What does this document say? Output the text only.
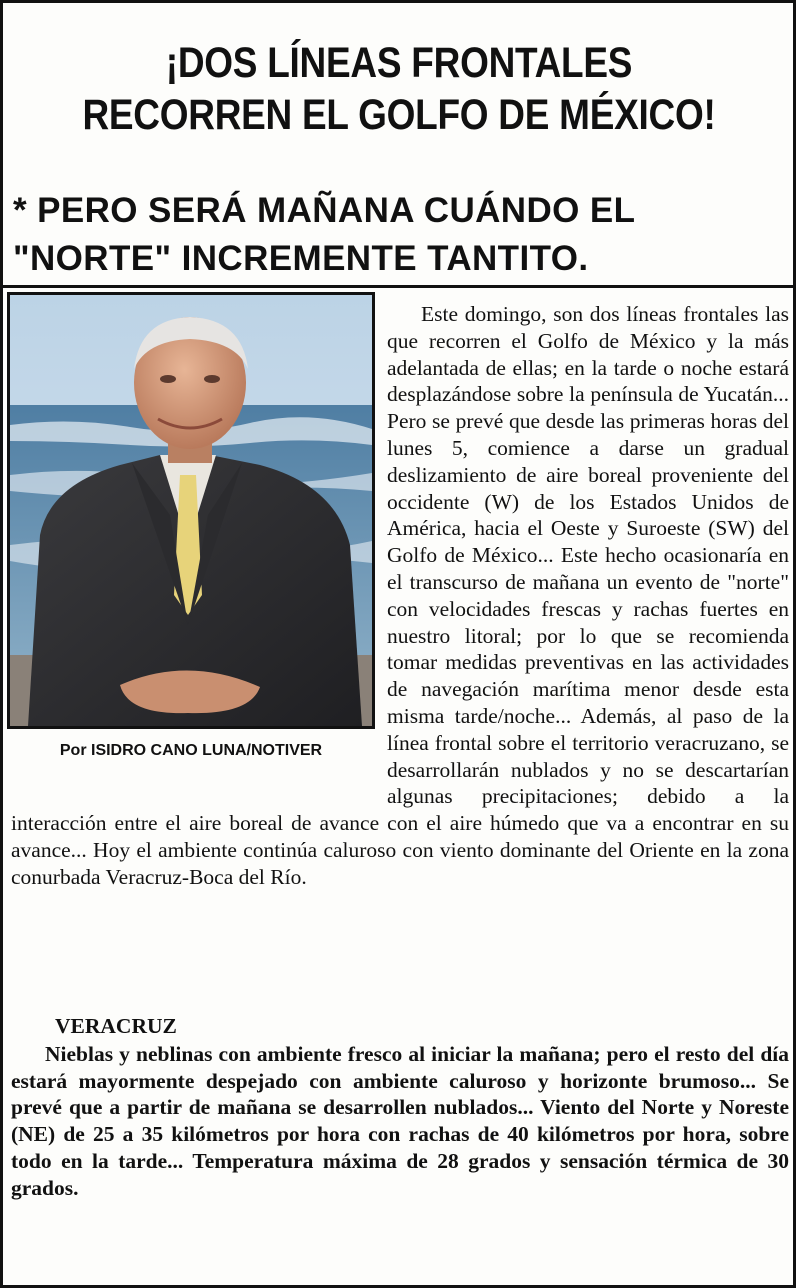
¡DOS LÍNEAS FRONTALES RECORREN EL GOLFO DE MÉXICO!
* PERO SERÁ MAÑANA CUÁNDO EL "NORTE" INCREMENTE TANTITO.

Este domingo, son dos líneas frontales las que recorren el Golfo de México y la más adelantada de ellas; en la tarde o noche estará desplazándose sobre la península de Yucatán... Pero se prevé que desde las primeras horas del lunes 5, comience a darse un gradual deslizamiento de aire boreal proveniente del occidente (W) de los Estados Unidos de América, hacia el Oeste y Suroeste (SW) del Golfo de México... Este hecho ocasionaría en el transcurso de mañana un evento de "norte" con velocidades frescas y rachas fuertes en nuestro litoral; por lo que se recomienda tomar medidas preventivas en las actividades de navegación marítima menor desde esta misma tarde/noche... Además, al paso de la línea frontal sobre el territorio veracruzano, se desarrollarán nublados y no se descartarían algunas precipitaciones; debido a la interacción entre el aire boreal de avance con el aire húmedo que va a encontrar en su avance... Hoy el ambiente continúa caluroso con viento dominante del Oriente en la zona conurbada Veracruz-Boca del Río.

Por ISIDRO CANO LUNA/NOTIVER
VERACRUZ

Nieblas y neblinas con ambiente fresco al iniciar la mañana; pero el resto del día estará mayormente despejado con ambiente caluroso y horizonte brumoso... Se prevé que a partir de mañana se desarrollen nublados... Viento del Norte y Noreste (NE) de 25 a 35 kilómetros por hora con rachas de 40 kilómetros por hora, sobre todo en la tarde... Temperatura máxima de 28 grados y sensación térmica de 30 grados.
